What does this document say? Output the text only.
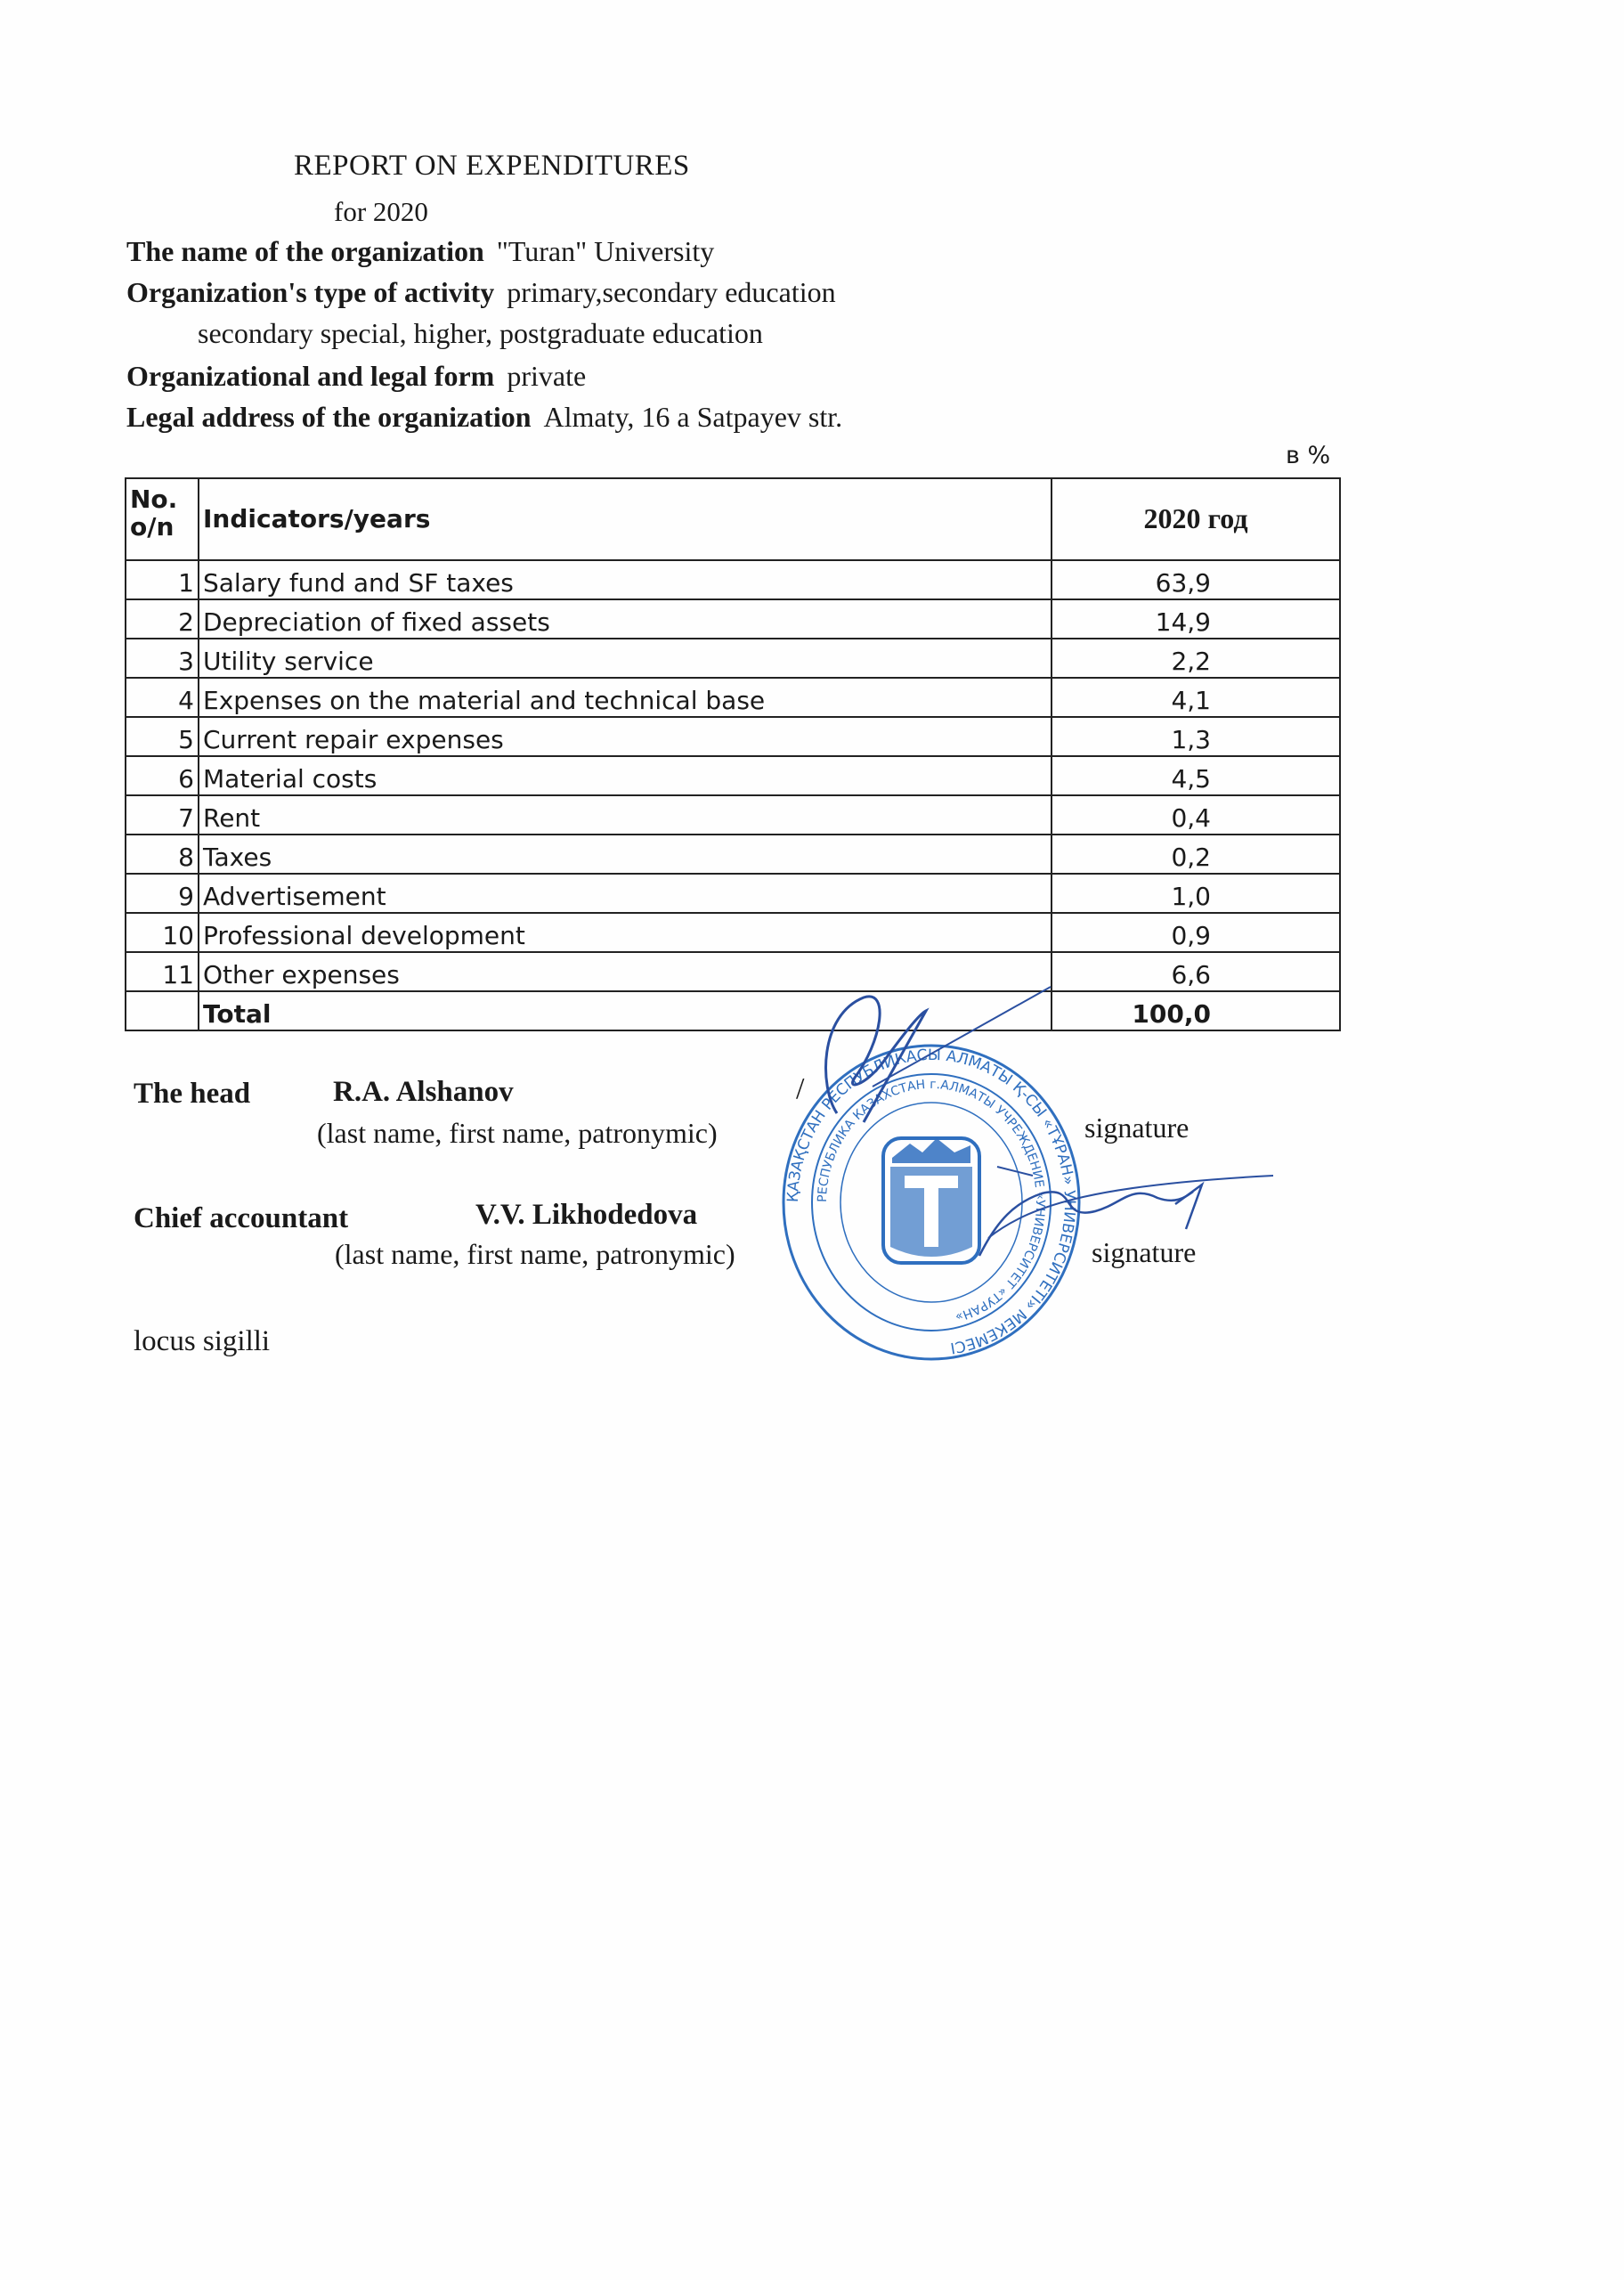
REPORT ON EXPENDITURES
for 2020
The name of the organization "Turan" University
Organization's type of activity primary,secondary education
secondary special, higher, postgraduate education
Organizational and legal form private
Legal address of the organization Almaty, 16 a Satpayev str.
в %
No. o/n	Indicators/years	2020 год
1	Salary fund and SF taxes	63,9
2	Depreciation of fixed assets	14,9
3	Utility service	2,2
4	Expenses on the material and technical base	4,1
5	Current repair expenses	1,3
6	Material costs	4,5
7	Rent	0,4
8	Taxes	0,2
9	Advertisement	1,0
10	Professional development	0,9
11	Other expenses	6,6
	Total	100,0
The head	R.A. Alshanov	/
(last name, first name, patronymic)	signature
Chief accountant	V.V. Likhodedova
(last name, first name, patronymic)	signature
locus sigilli
ҚАЗАҚСТАН РЕСПУБЛИКАСЫ АЛМАТЫ Қ-СЫ «ТҰРАН» УНИВЕРСИТЕТІ» МЕКЕМЕСІ
РЕСПУБЛИКА КАЗАХСТАН г.АЛМАТЫ УЧРЕЖДЕНИЕ «УНИВЕРСИТЕТ «ТУРАН»
